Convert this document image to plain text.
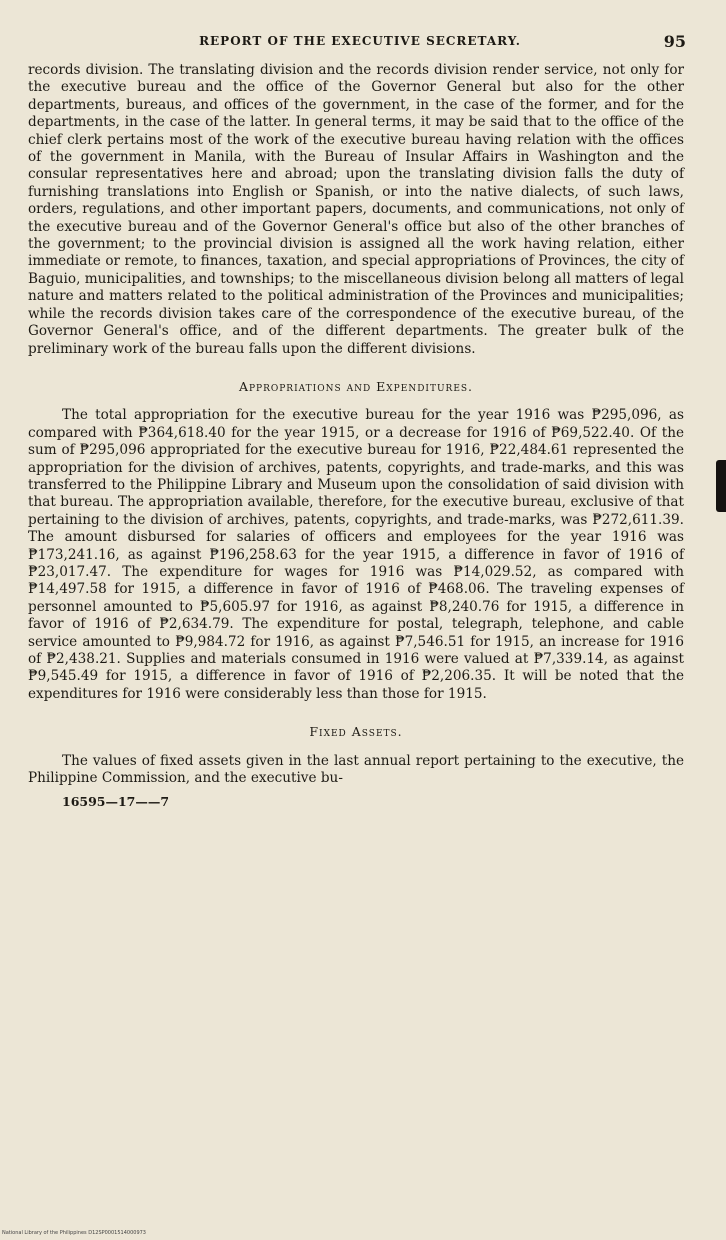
REPORT OF THE EXECUTIVE SECRETARY.	95

records division. The translating division and the records division render service, not only for the executive bureau and the office of the Governor General but also for the other departments, bureaus, and offices of the government, in the case of the former, and for the departments, in the case of the latter. In general terms, it may be said that to the office of the chief clerk pertains most of the work of the executive bureau having relation with the offices of the government in Manila, with the Bureau of Insular Affairs in Washington and the consular representatives here and abroad; upon the translating division falls the duty of furnishing translations into English or Spanish, or into the native dialects, of such laws, orders, regulations, and other important papers, documents, and communications, not only of the executive bureau and of the Governor General's office but also of the other branches of the government; to the provincial division is assigned all the work having relation, either immediate or remote, to finances, taxation, and special appropriations of Provinces, the city of Baguio, municipalities, and townships; to the miscellaneous division belong all matters of legal nature and matters related to the political administration of the Provinces and municipalities; while the records division takes care of the correspondence of the executive bureau, of the Governor General's office, and of the different departments. The greater bulk of the preliminary work of the bureau falls upon the different divisions.

Appropriations and Expenditures.

The total appropriation for the executive bureau for the year 1916 was ₱295,096, as compared with ₱364,618.40 for the year 1915, or a decrease for 1916 of ₱69,522.40. Of the sum of ₱295,096 appropriated for the executive bureau for 1916, ₱22,484.61 represented the appropriation for the division of archives, patents, copyrights, and trade-marks, and this was transferred to the Philippine Library and Museum upon the consolidation of said division with that bureau. The appropriation available, therefore, for the executive bureau, exclusive of that pertaining to the division of archives, patents, copyrights, and trade-marks, was ₱272,611.39. The amount disbursed for salaries of officers and employees for the year 1916 was ₱173,241.16, as against ₱196,258.63 for the year 1915, a difference in favor of 1916 of ₱23,017.47. The expenditure for wages for 1916 was ₱14,029.52, as compared with ₱14,497.58 for 1915, a difference in favor of 1916 of ₱468.06. The traveling expenses of personnel amounted to ₱5,605.97 for 1916, as against ₱8,240.76 for 1915, a difference in favor of 1916 of ₱2,634.79. The expenditure for postal, telegraph, telephone, and cable service amounted to ₱9,984.72 for 1916, as against ₱7,546.51 for 1915, an increase for 1916 of ₱2,438.21. Supplies and materials consumed in 1916 were valued at ₱7,339.14, as against ₱9,545.49 for 1915, a difference in favor of 1916 of ₱2,206.35. It will be noted that the expenditures for 1916 were considerably less than those for 1915.

Fixed Assets.

The values of fixed assets given in the last annual report pertaining to the executive, the Philippine Commission, and the executive bu-

16595—17——7
National Library of the Philippines D12SP0001514000973
